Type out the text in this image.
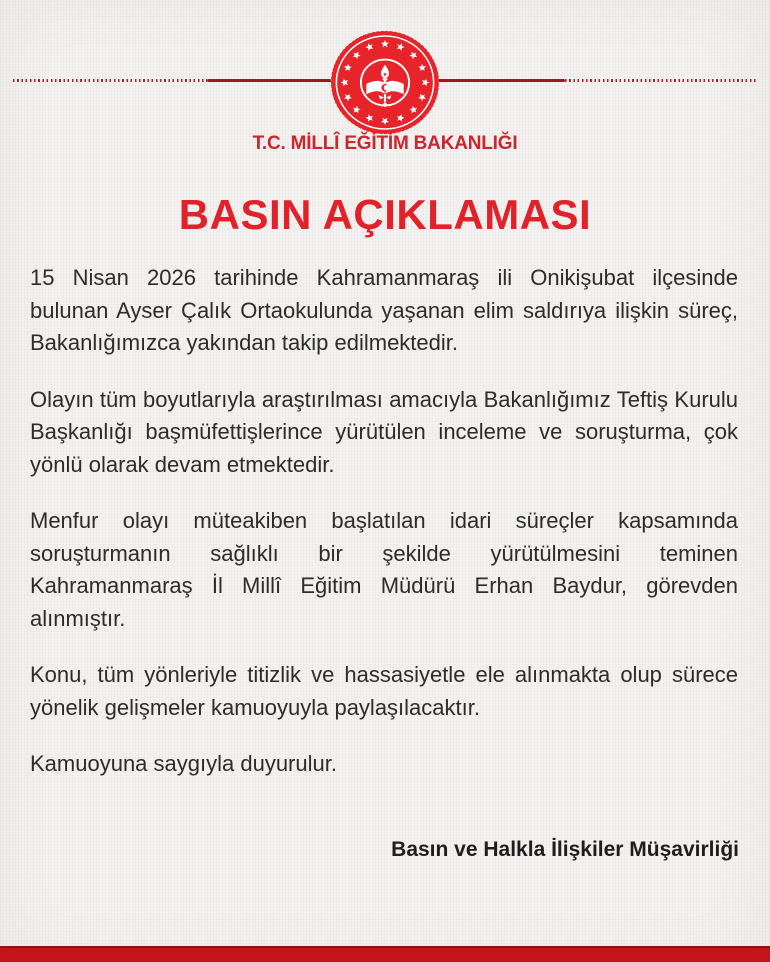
T.C. MİLLÎ EĞİTİM BAKANLIĞI
BASIN AÇIKLAMASI

15 Nisan 2026 tarihinde Kahramanmaraş ili Onikişubat ilçesinde bulunan Ayser Çalık Ortaokulunda yaşanan elim saldırıya ilişkin süreç, Bakanlığımızca yakından takip edilmektedir.

Olayın tüm boyutlarıyla araştırılması amacıyla Bakanlığımız Teftiş Kurulu Başkanlığı başmüfettişlerince yürütülen inceleme ve soruşturma, çok yönlü olarak devam etmektedir.

Menfur olayı müteakiben başlatılan idari süreçler kapsamında soruşturmanın sağlıklı bir şekilde yürütülmesini teminen Kahramanmaraş İl Millî Eğitim Müdürü Erhan Baydur, görevden alınmıştır.

Konu, tüm yönleriyle titizlik ve hassasiyetle ele alınmakta olup sürece yönelik gelişmeler kamuoyuyla paylaşılacaktır.

Kamuoyuna saygıyla duyurulur.

Basın ve Halkla İlişkiler Müşavirliği
